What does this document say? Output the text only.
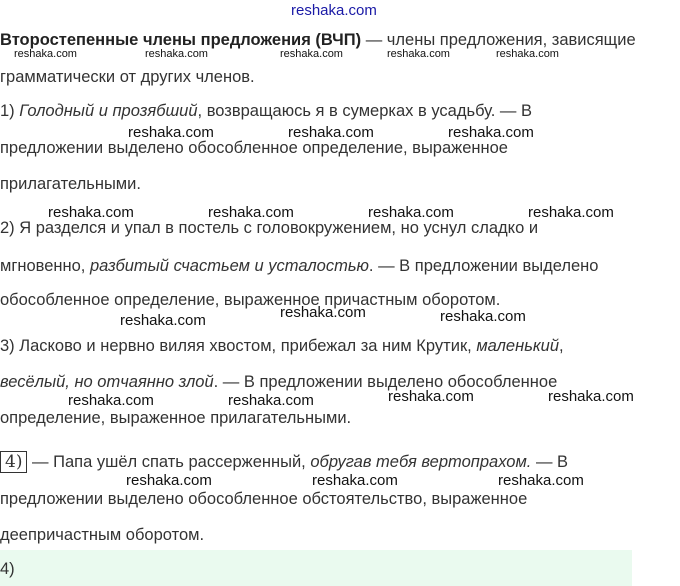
reshaka.com
Второстепенные члены предложения (ВЧП) — члены предложения, зависящие
reshaka.com	reshaka.com	reshaka.com	reshaka.com	reshaka.com
грамматически от других членов.
1) Голодный и прозябший, возвращаюсь я в сумерках в усадьбу. — В
reshaka.com	reshaka.com	reshaka.com
предложении выделено обособленное определение, выраженное
прилагательными.
reshaka.com	reshaka.com	reshaka.com	reshaka.com
2) Я разделся и упал в постель с головокружением, но уснул сладко и
мгновенно, разбитый счастьем и усталостью. — В предложении выделено
обособленное определение, выраженное причастным оборотом.
reshaka.com
reshaka.com	reshaka.com
3) Ласково и нервно виляя хвостом, прибежал за ним Крутик, маленький,
весёлый, но отчаянно злой. — В предложении выделено обособленное
reshaka.com	reshaka.com	reshaka.com	reshaka.com
определение, выраженное прилагательными.
4) — Папа ушёл спать рассерженный, обругав тебя вертопрахом. — В
reshaka.com	reshaka.com	reshaka.com
предложении выделено обособленное обстоятельство, выраженное
деепричастным оборотом.
4)
